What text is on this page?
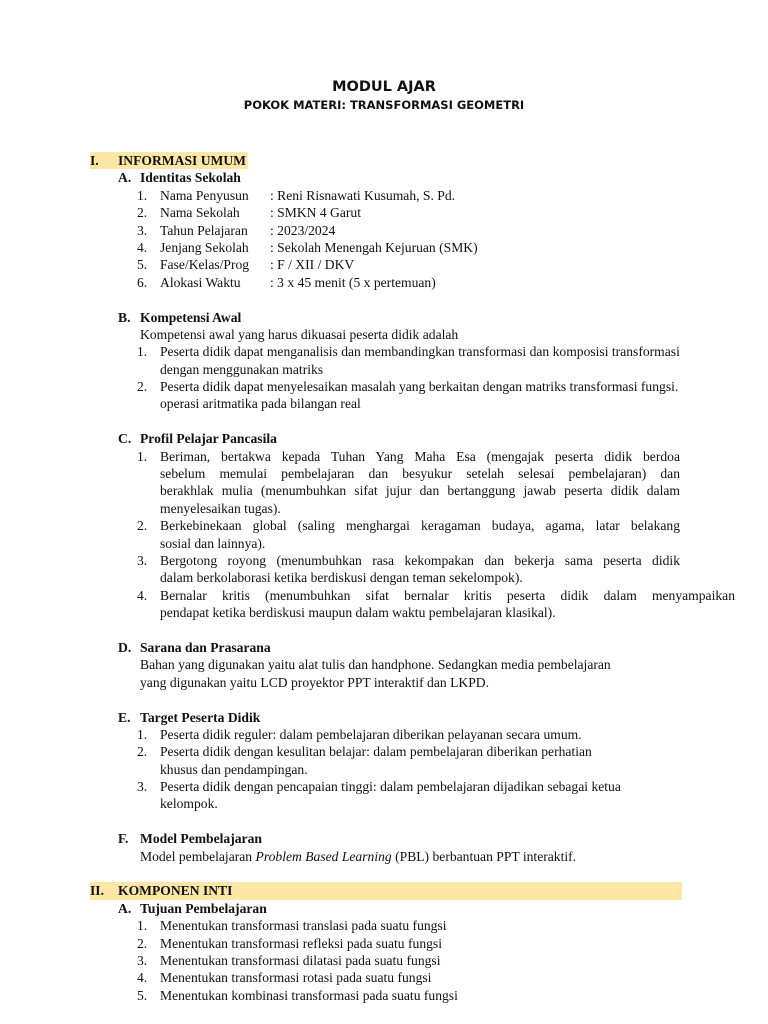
MODUL AJAR
POKOK MATERI: TRANSFORMASI GEOMETRI
I. INFORMASI UMUM
A. Identitas Sekolah
1. Nama Penyusun : Reni Risnawati Kusumah, S. Pd.
2. Nama Sekolah : SMKN 4 Garut
3. Tahun Pelajaran : 2023/2024
4. Jenjang Sekolah : Sekolah Menengah Kejuruan (SMK)
5. Fase/Kelas/Prog : F / XII / DKV
6. Alokasi Waktu : 3 x 45 menit (5 x pertemuan)
B. Kompetensi Awal
Kompetensi awal yang harus dikuasai peserta didik adalah
1. Peserta didik dapat menganalisis dan membandingkan transformasi dan komposisi transformasi
dengan menggunakan matriks
2. Peserta didik dapat menyelesaikan masalah yang berkaitan dengan matriks transformasi fungsi.
operasi aritmatika pada bilangan real
C. Profil Pelajar Pancasila
1. Beriman, bertakwa kepada Tuhan Yang Maha Esa (mengajak peserta didik berdoa
sebelum memulai pembelajaran dan besyukur setelah selesai pembelajaran) dan
berakhlak mulia (menumbuhkan sifat jujur dan bertanggung jawab peserta didik dalam
menyelesaikan tugas).
2. Berkebinekaan global (saling menghargai keragaman budaya, agama, latar belakang
sosial dan lainnya).
3. Bergotong royong (menumbuhkan rasa kekompakan dan bekerja sama peserta didik
dalam berkolaborasi ketika berdiskusi dengan teman sekelompok).
4. Bernalar kritis (menumbuhkan sifat bernalar kritis peserta didik dalam menyampaikan
pendapat ketika berdiskusi maupun dalam waktu pembelajaran klasikal).
D. Sarana dan Prasarana
Bahan yang digunakan yaitu alat tulis dan handphone. Sedangkan media pembelajaran
yang digunakan yaitu LCD proyektor PPT interaktif dan LKPD.
E. Target Peserta Didik
1. Peserta didik reguler: dalam pembelajaran diberikan pelayanan secara umum.
2. Peserta didik dengan kesulitan belajar: dalam pembelajaran diberikan perhatian
khusus dan pendampingan.
3. Peserta didik dengan pencapaian tinggi: dalam pembelajaran dijadikan sebagai ketua
kelompok.
F. Model Pembelajaran
Model pembelajaran Problem Based Learning (PBL) berbantuan PPT interaktif.
II. KOMPONEN INTI
A. Tujuan Pembelajaran
1. Menentukan transformasi translasi pada suatu fungsi
2. Menentukan transformasi refleksi pada suatu fungsi
3. Menentukan transformasi dilatasi pada suatu fungsi
4. Menentukan transformasi rotasi pada suatu fungsi
5. Menentukan kombinasi transformasi pada suatu fungsi
